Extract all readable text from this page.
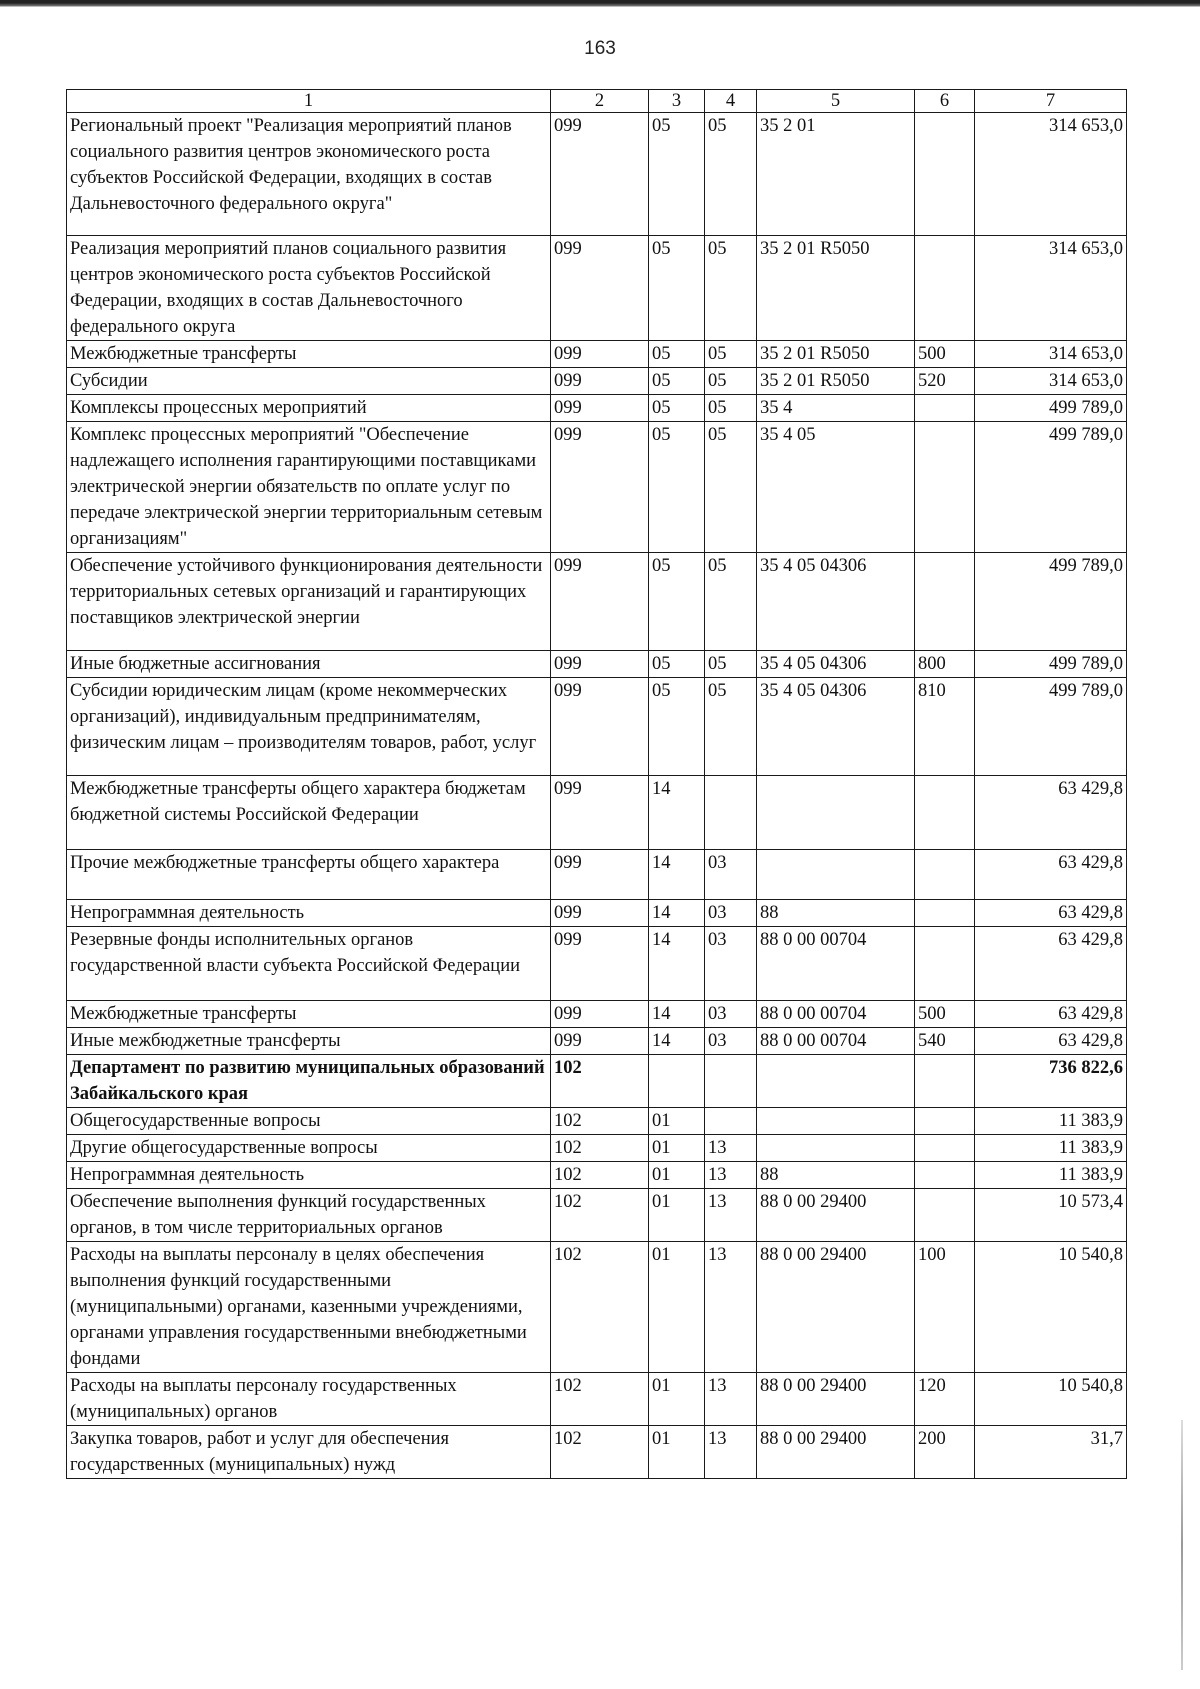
163
1	2	3	4	5	6	7
Региональный проект "Реализация мероприятий планов социального развития центров экономического роста субъектов Российской Федерации, входящих в состав Дальневосточного федерального округа"	099	05	05	35 2 01		314 653,0
Реализация мероприятий планов социального развития центров экономического роста субъектов Российской Федерации, входящих в состав Дальневосточного федерального округа	099	05	05	35 2 01 R5050		314 653,0
Межбюджетные трансферты	099	05	05	35 2 01 R5050	500	314 653,0
Субсидии	099	05	05	35 2 01 R5050	520	314 653,0
Комплексы процессных мероприятий	099	05	05	35 4		499 789,0
Комплекс процессных мероприятий "Обеспечение надлежащего исполнения гарантирующими поставщиками электрической энергии обязательств по оплате услуг по передаче электрической энергии территориальным сетевым организациям"	099	05	05	35 4 05		499 789,0
Обеспечение устойчивого функционирования деятельности территориальных сетевых организаций и гарантирующих поставщиков электрической энергии	099	05	05	35 4 05 04306		499 789,0
Иные бюджетные ассигнования	099	05	05	35 4 05 04306	800	499 789,0
Субсидии юридическим лицам (кроме некоммерческих организаций), индивидуальным предпринимателям, физическим лицам – производителям товаров, работ, услуг	099	05	05	35 4 05 04306	810	499 789,0
Межбюджетные трансферты общего характера бюджетам бюджетной системы Российской Федерации	099	14				63 429,8
Прочие межбюджетные трансферты общего характера	099	14	03			63 429,8
Непрограммная деятельность	099	14	03	88		63 429,8
Резервные фонды исполнительных органов государственной власти субъекта Российской Федерации	099	14	03	88 0 00 00704		63 429,8
Межбюджетные трансферты	099	14	03	88 0 00 00704	500	63 429,8
Иные межбюджетные трансферты	099	14	03	88 0 00 00704	540	63 429,8
Департамент по развитию муниципальных образований Забайкальского края	102					736 822,6
Общегосударственные вопросы	102	01				11 383,9
Другие общегосударственные вопросы	102	01	13			11 383,9
Непрограммная деятельность	102	01	13	88		11 383,9
Обеспечение выполнения функций государственных органов, в том числе территориальных органов	102	01	13	88 0 00 29400		10 573,4
Расходы на выплаты персоналу в целях обеспечения выполнения функций государственными (муниципальными) органами, казенными учреждениями, органами управления государственными внебюджетными фондами	102	01	13	88 0 00 29400	100	10 540,8
Расходы на выплаты персоналу государственных (муниципальных) органов	102	01	13	88 0 00 29400	120	10 540,8
Закупка товаров, работ и услуг для обеспечения государственных (муниципальных) нужд	102	01	13	88 0 00 29400	200	31,7
